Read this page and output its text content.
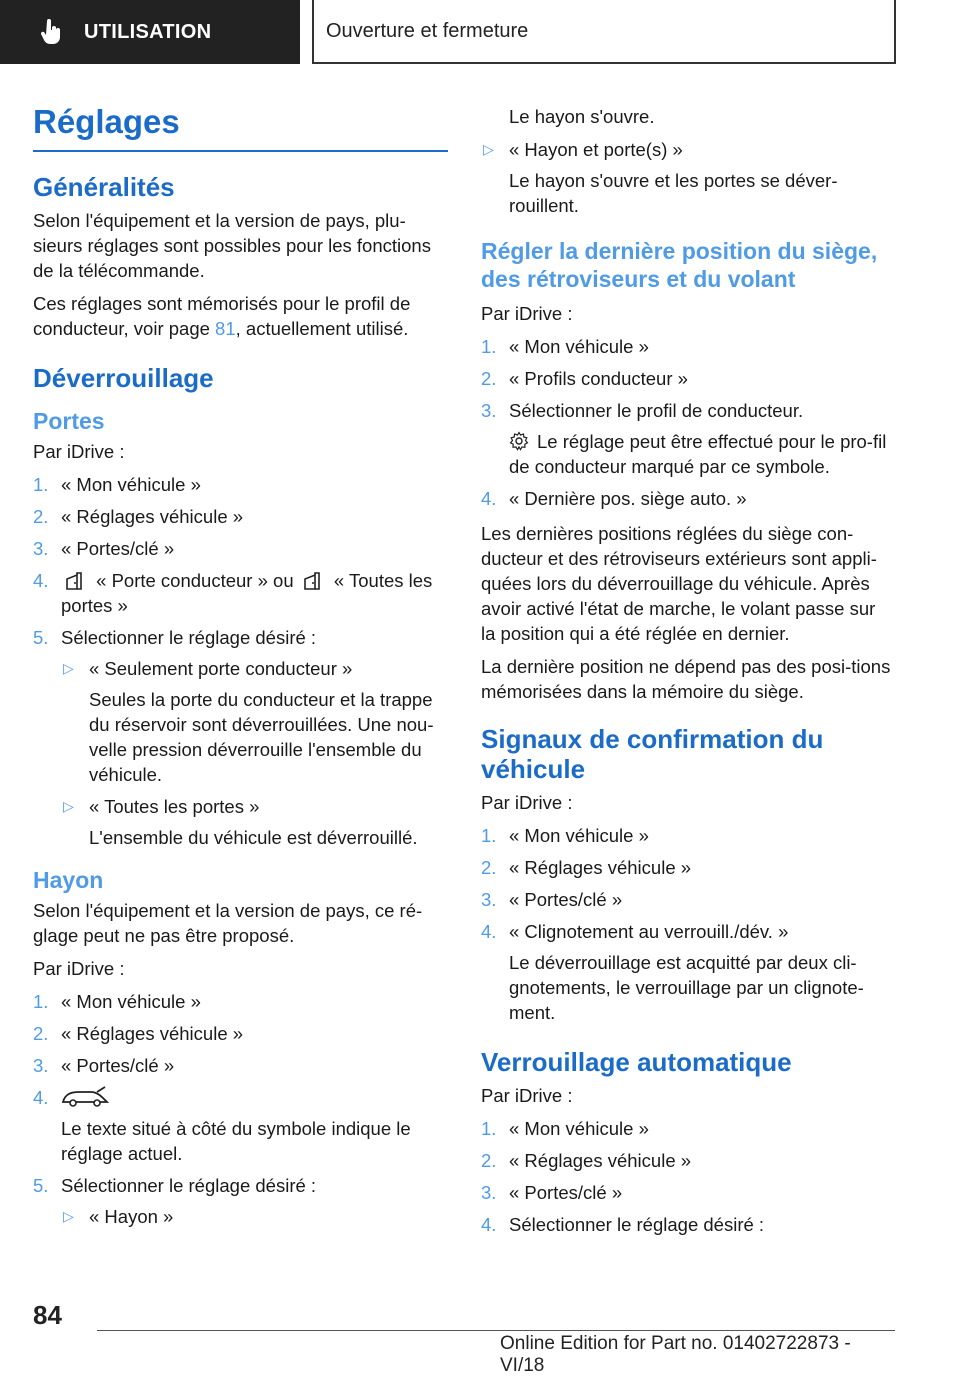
UTILISATION	Ouverture et fermeture
Réglages
Généralités

Selon l'équipement et la version de pays, plu-sieurs réglages sont possibles pour les fonctions de la télécommande.

Ces réglages sont mémorisés pour le profil de conducteur, voir page 81, actuellement utilisé.

Déverrouillage
Portes

Par iDrive :

1. « Mon véhicule »
2. « Réglages véhicule »
3. « Portes/clé »
4.	« Porte conducteur » ou « Toutes les portes »
5. Sélectionner le réglage désiré :
▷ « Seulement porte conducteur »
Seules la porte du conducteur et la trappe du réservoir sont déverrouillées. Une nou-velle pression déverrouille l'ensemble du véhicule.
▷ « Toutes les portes »
L'ensemble du véhicule est déverrouillé.
Hayon

Selon l'équipement et la version de pays, ce ré-glage peut ne pas être proposé.

Par iDrive :

1. « Mon véhicule »
2. « Réglages véhicule »
3. « Portes/clé »
4.
Le texte situé à côté du symbole indique le réglage actuel.
5. Sélectionner le réglage désiré :
▷ « Hayon »
Le hayon s'ouvre.
▷ « Hayon et porte(s) »
Le hayon s'ouvre et les portes se déver-rouillent.
Régler la dernière position du siège, des rétroviseurs et du volant

Par iDrive :

1. « Mon véhicule »
2. « Profils conducteur »
3. Sélectionner le profil de conducteur.
Le réglage peut être effectué pour le pro-fil de conducteur marqué par ce symbole.
4. « Dernière pos. siège auto. »

Les dernières positions réglées du siège con-ducteur et des rétroviseurs extérieurs sont appli-quées lors du déverrouillage du véhicule. Après avoir activé l'état de marche, le volant passe sur la position qui a été réglée en dernier.

La dernière position ne dépend pas des posi-tions mémorisées dans la mémoire du siège.

Signaux de confirmation du véhicule

Par iDrive :

1. « Mon véhicule »
2. « Réglages véhicule »
3. « Portes/clé »
4. « Clignotement au verrouill./dév. »
Le déverrouillage est acquitté par deux cli-gnotements, le verrouillage par un clignote-ment.
Verrouillage automatique

Par iDrive :

1. « Mon véhicule »
2. « Réglages véhicule »
3. « Portes/clé »
4. Sélectionner le réglage désiré :
84
Online Edition for Part no. 01402722873 - VI/18
